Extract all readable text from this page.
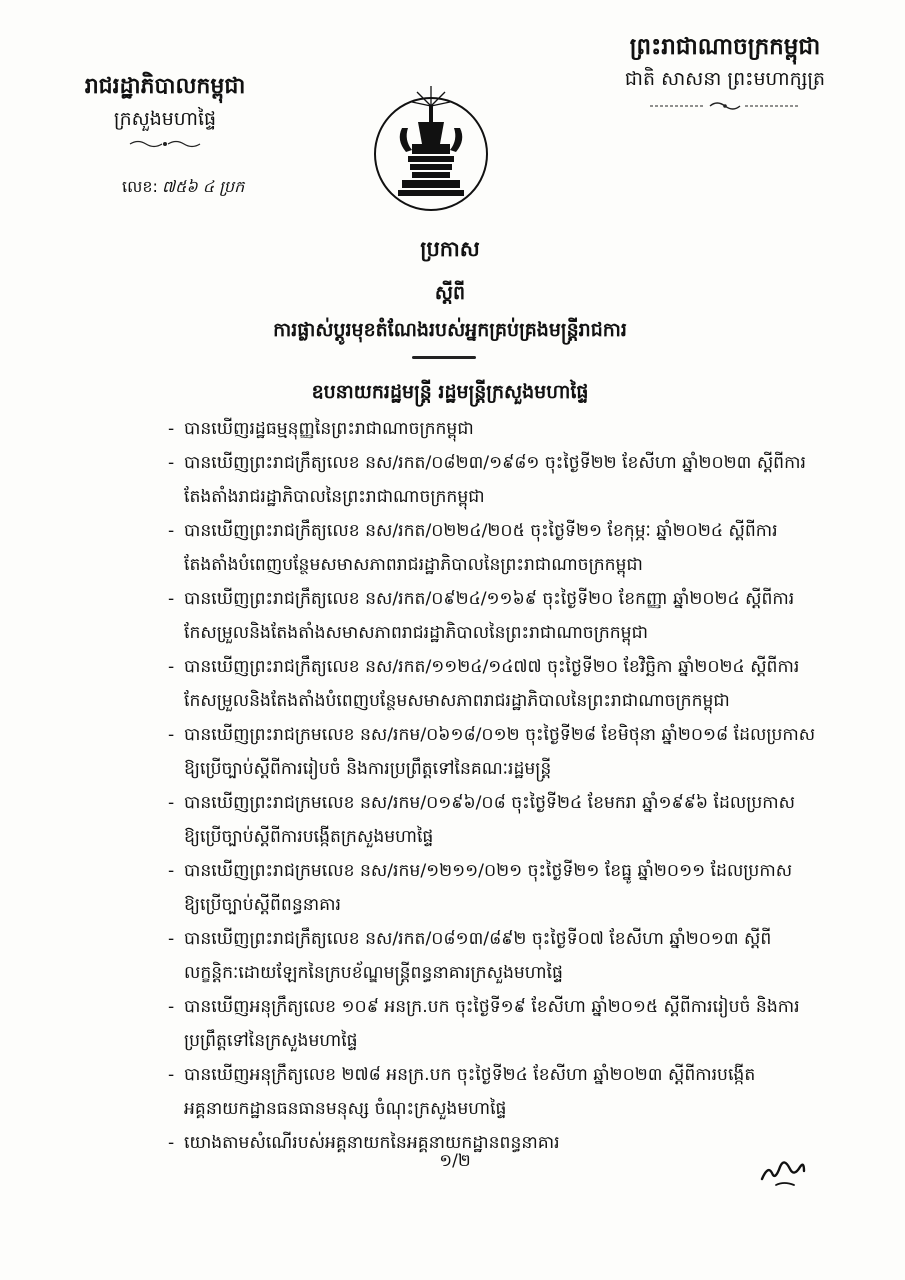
ព្រះរាជាណាចក្រកម្ពុជា
ជាតិ សាសនា ព្រះមហាក្សត្រ
រាជរដ្ឋាភិបាលកម្ពុជា
ក្រសួងមហាផ្ទៃ
លេខ: ៧៥៦ ៤ ប្រក
ប្រកាស
ស្តីពី
ការផ្លាស់ប្តូរមុខតំណែងរបស់អ្នកគ្រប់គ្រងមន្ត្រីរាជការ
ឧបនាយករដ្ឋមន្ត្រី រដ្ឋមន្ត្រីក្រសួងមហាផ្ទៃ
- បានឃើញរដ្ឋធម្មនុញ្ញនៃព្រះរាជាណាចក្រកម្ពុជា

- បានឃើញព្រះរាជក្រឹត្យលេខ នស/រកត/០៨២៣/១៩៨១ ចុះថ្ងៃទី២២ ខែសីហា ឆ្នាំ២០២៣ ស្តីពីការ

តែងតាំងរាជរដ្ឋាភិបាលនៃព្រះរាជាណាចក្រកម្ពុជា

- បានឃើញព្រះរាជក្រឹត្យលេខ នស/រកត/០២២៤/២០៥ ចុះថ្ងៃទី២១ ខែកុម្ភៈ ឆ្នាំ២០២៤ ស្តីពីការ

តែងតាំងបំពេញបន្ថែមសមាសភាពរាជរដ្ឋាភិបាលនៃព្រះរាជាណាចក្រកម្ពុជា

- បានឃើញព្រះរាជក្រឹត្យលេខ នស/រកត/០៩២៤/១១៦៩ ចុះថ្ងៃទី២០ ខែកញ្ញា ឆ្នាំ២០២៤ ស្តីពីការ

កែសម្រួលនិងតែងតាំងសមាសភាពរាជរដ្ឋាភិបាលនៃព្រះរាជាណាចក្រកម្ពុជា

- បានឃើញព្រះរាជក្រឹត្យលេខ នស/រកត/១១២៤/១៤៧៧ ចុះថ្ងៃទី២០ ខែវិច្ឆិកា ឆ្នាំ២០២៤ ស្តីពីការ

កែសម្រួលនិងតែងតាំងបំពេញបន្ថែមសមាសភាពរាជរដ្ឋាភិបាលនៃព្រះរាជាណាចក្រកម្ពុជា

- បានឃើញព្រះរាជក្រមលេខ នស/រកម/០៦១៨/០១២ ចុះថ្ងៃទី២៨ ខែមិថុនា ឆ្នាំ២០១៨ ដែលប្រកាស

ឱ្យប្រើច្បាប់ស្តីពីការរៀបចំ និងការប្រព្រឹត្តទៅនៃគណៈរដ្ឋមន្ត្រី

- បានឃើញព្រះរាជក្រមលេខ នស/រកម/០១៩៦/០៨ ចុះថ្ងៃទី២៤ ខែមករា ឆ្នាំ១៩៩៦ ដែលប្រកាស

ឱ្យប្រើច្បាប់ស្តីពីការបង្កើតក្រសួងមហាផ្ទៃ

- បានឃើញព្រះរាជក្រមលេខ នស/រកម/១២១១/០២១ ចុះថ្ងៃទី២១ ខែធ្នូ ឆ្នាំ២០១១ ដែលប្រកាស

ឱ្យប្រើច្បាប់ស្តីពីពន្ធនាគារ

- បានឃើញព្រះរាជក្រឹត្យលេខ នស/រកត/០៨១៣/៨៩២ ចុះថ្ងៃទី០៧ ខែសីហា ឆ្នាំ២០១៣ ស្តីពី

លក្ខន្តិកៈដោយឡែកនៃក្របខ័ណ្ឌមន្ត្រីពន្ធនាគារក្រសួងមហាផ្ទៃ

- បានឃើញអនុក្រឹត្យលេខ ១០៩ អនក្រ.បក ចុះថ្ងៃទី១៩ ខែសីហា ឆ្នាំ២០១៥ ស្តីពីការរៀបចំ និងការ

ប្រព្រឹត្តទៅនៃក្រសួងមហាផ្ទៃ

- បានឃើញអនុក្រឹត្យលេខ ២៧៨ អនក្រ.បក ចុះថ្ងៃទី២៤ ខែសីហា ឆ្នាំ២០២៣ ស្តីពីការបង្កើត

អគ្គនាយកដ្ឋានធនធានមនុស្ស ចំណុះក្រសួងមហាផ្ទៃ

- យោងតាមសំណើរបស់អគ្គនាយកនៃអគ្គនាយកដ្ឋានពន្ធនាគារ

១/២
